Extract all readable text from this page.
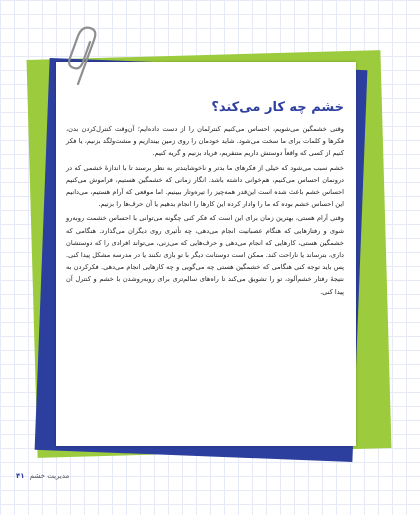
خشم چه کار می‌کند؟

وقتی خشمگین می‌شویم، احساس می‌کنیم کنترلمان را از دست داده‌ایم؛ آن‌وقت کنترل‌کردن بدن، فکرها و کلمات برای ما سخت می‌شود. شاید خودمان را روی زمین بیندازیم و مشت‌ولگد بزنیم، یا فکر کنیم از کسی که واقعاً دوستش داریم متنفریم، فریاد بزنیم و گریه کنیم.

خشم سبب می‌شود که خیلی از فکرهای ما بدتر و ناخوشایندتر به نظر برسند تا با اندازهٔ خشمی که در درونمان احساس می‌کنیم، هم‌خوانی داشته باشد. انگار زمانی که خشمگین هستیم، فراموش می‌کنیم احساس خشم باعث شده است این‌قدر همه‌چیز را تیره‌وتار ببینیم. اما موقعی که آرام هستیم، می‌دانیم این احساس خشم بوده که ما را وادار کرده این کارها را انجام بدهیم یا آن حرف‌ها را بزنیم.

وقتی آرام هستی، بهترین زمان برای این است که فکر کنی چگونه می‌توانی با احساس خشمت روبه‌رو شوی و رفتارهایی که هنگام عصبانیت انجام می‌دهی، چه تأثیری روی دیگران می‌گذارد. هنگامی که خشمگین هستی، کارهایی که انجام می‌دهی و حرف‌هایی که می‌زنی، می‌تواند افرادی را که دوستشان داری، بترساند یا ناراحت کند. ممکن است دوستانت دیگر با تو بازی نکنند یا در مدرسه مشکل پیدا کنی. پس باید توجه کنی هنگامی که خشمگین هستی چه می‌گویی و چه کارهایی انجام می‌دهی. فکرکردن به نتیجهٔ رفتار خشم‌آلود، تو را تشویق می‌کند تا راه‌های سالم‌تری برای روبه‌روشدن با خشم و کنترل آن پیدا کنی.

مدیریت خشم ۴۱
